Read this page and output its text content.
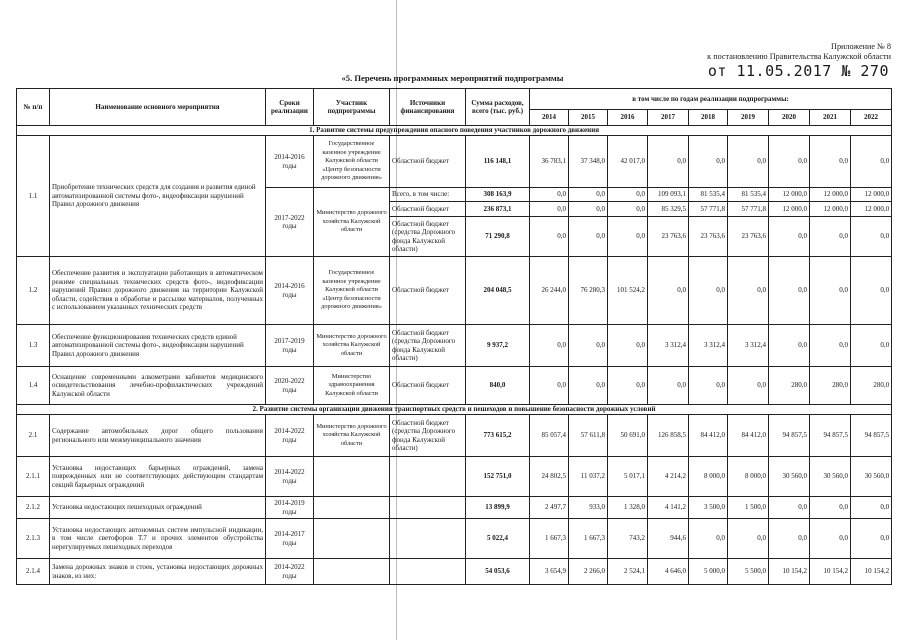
Приложение № 8
к постановлению Правительства Калужской области
от 11.05.2017 № 270
«5. Перечень программных мероприятий подпрограммы
№ п/п	Наименование основного мероприятия	Сроки реализации	Участник подпрограммы	Источники финансирования	Сумма расходов, всего (тыс. руб.)	в том числе по годам реализации подпрограммы:								
						2014	2015	2016	2017	2018	2019	2020	2021	2022
1. Развитие системы предупреждения опасного поведения участников дорожного движения														
1.1	Приобретение технических средств для создания и развития единой автоматизированной системы фото-, видеофиксации нарушений Правил дорожного движения	2014-2016 годы	Государственное казенное учреждение Калужской области «Центр безопасности дорожного движения»	Областной бюджет	116 148,1	36 783,1	37 348,0	42 017,0	0,0	0,0	0,0	0,0	0,0	0,0
		2017-2022 годы	Министерство дорожного хозяйства Калужской области	Всего, в том числе:	308 163,9	0,0	0,0	0,0	109 093,1	81 535,4	81 535,4	12 000,0	12 000,0	12 000,0
				Областной бюджет	236 873,1	0,0	0,0	0,0	85 329,5	57 771,8	57 771,8	12 000,0	12 000,0	12 000,0
				Областной бюджет (средства Дорожного фонда Калужской области)	71 290,8	0,0	0,0	0,0	23 763,6	23 763,6	23 763,6	0,0	0,0	0,0
1.2	Обеспечение развития и эксплуатации работающих в автоматическом режиме специальных технических средств фото-, видеофиксации нарушений Правил дорожного движения на территории Калужской области, содействия в обработке и рассылке материалов, полученных с использованием указанных технических средств	2014-2016 годы	Государственное казенное учреждение Калужской области «Центр безопасности дорожного движения»	Областной бюджет	204 048,5	26 244,0	76 280,3	101 524,2	0,0	0,0	0,0	0,0	0,0	0,0
1.3	Обеспечение функционирования технических средств единой автоматизированной системы фото-, видеофиксации нарушений Правил дорожного движения	2017-2019 годы	Министерство дорожного хозяйства Калужской области	Областной бюджет (средства Дорожного фонда Калужской области)	9 937,2	0,0	0,0	0,0	3 312,4	3 312,4	3 312,4	0,0	0,0	0,0
1.4	Оснащение современными алкометрами кабинетов медицинского освидетельствования лечебно-профилактических учреждений Калужской области	2020-2022 годы	Министерство здравоохранения Калужской области	Областной бюджет	840,0	0,0	0,0	0,0	0,0	0,0	0,0	280,0	280,0	280,0
2. Развитие системы организации движения транспортных средств и пешеходов и повышение безопасности дорожных условий														
2.1	Содержание автомобильных дорог общего пользования регионального или межмуниципального значения	2014-2022 годы	Министерство дорожного хозяйства Калужской области	Областной бюджет (средства Дорожного фонда Калужской области)	773 615,2	85 057,4	57 611,8	50 691,0	126 858,5	84 412,0	84 412,0	94 857,5	94 857,5	94 857,5
2.1.1	Установка недостающих барьерных ограждений, замена поврежденных или не соответствующих действующим стандартам секций барьерных ограждений	2014-2022 годы			152 751,0	24 802,5	11 037,2	5 017,1	4 214,2	8 000,0	8 000,0	30 560,0	30 560,0	30 560,0
2.1.2	Установка недостающих пешеходных ограждений	2014-2019 годы			13 899,9	2 497,7	933,0	1 328,0	4 141,2	3 500,0	1 500,0	0,0	0,0	0,0
2.1.3	Установка недостающих автономных систем импульсной индикации, в том числе светофоров Т.7 и прочих элементов обустройства нерегулируемых пешеходных переходов	2014-2017 годы			5 022,4	1 667,3	1 667,3	743,2	944,6	0,0	0,0	0,0	0,0	0,0
2.1.4	Замена дорожных знаков и стоек, установка недостающих дорожных знаков, из них:	2014-2022 годы			54 053,6	3 654,9	2 266,0	2 524,1	4 646,0	5 000,0	5 500,0	10 154,2	10 154,2	10 154,2
